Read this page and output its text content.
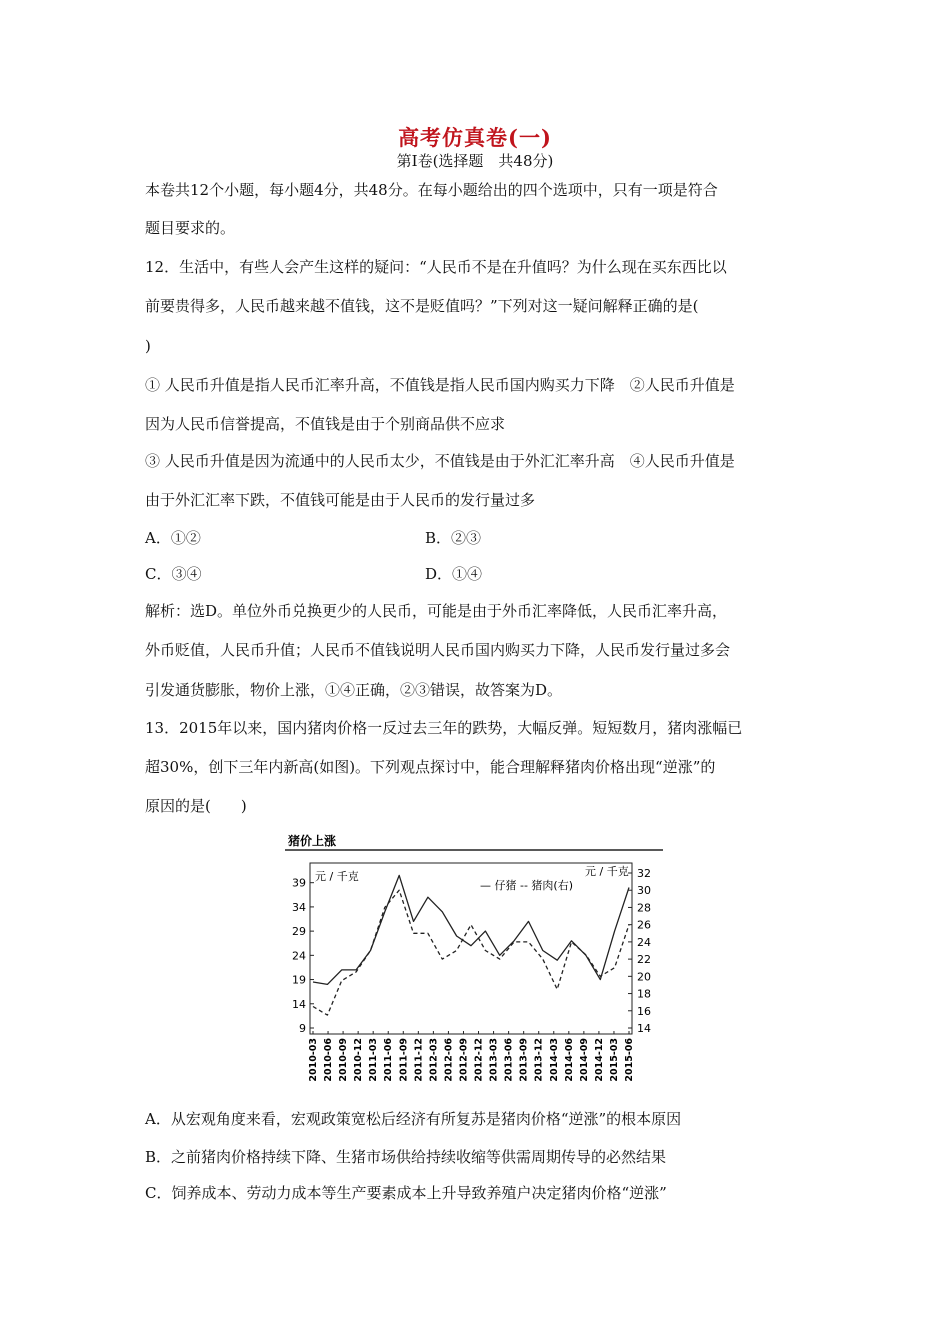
高考仿真卷(一)
第Ⅰ卷(选择题　共48分)
本卷共12个小题，每小题4分，共48分。在每小题给出的四个选项中，只有一项是符合
题目要求的。
12．生活中，有些人会产生这样的疑问：“人民币不是在升值吗？为什么现在买东西比以
前要贵得多，人民币越来越不值钱，这不是贬值吗？”下列对这一疑问解释正确的是(
)
① 人民币升值是指人民币汇率升高，不值钱是指人民币国内购买力下降　②人民币升值是
因为人民币信誉提高，不值钱是由于个别商品供不应求
③ 人民币升值是因为流通中的人民币太少，不值钱是由于外汇汇率升高　④人民币升值是
由于外汇汇率下跌，不值钱可能是由于人民币的发行量过多
A．①②	B．②③
C．③④	D．①④
解析：选D。单位外币兑换更少的人民币，可能是由于外币汇率降低，人民币汇率升高，
外币贬值，人民币升值；人民币不值钱说明人民币国内购买力下降，人民币发行量过多会
引发通货膨胀，物价上涨，①④正确，②③错误，故答案为D。
13．2015年以来，国内猪肉价格一反过去三年的跌势，大幅反弹。短短数月，猪肉涨幅已
超30%，创下三年内新高(如图)。下列观点探讨中，能合理解释猪肉价格出现“逆涨”的
原因的是(　　)
猪价上涨
元 / 千克	元 / 千克
— 仔猪 -- 猪肉(右)
39
34
29
24
19
14
9
32
30
28
26
24
22
20
18
16
14
2010-03 2010-06 2010-09 2010-12 2011-03 2011-06 2011-09 2011-12 2012-03 2012-06 2012-09 2012-12 2013-03 2013-06 2013-09 2013-12 2014-03 2014-06 2014-09 2014-12 2015-03 2015-06
A．从宏观角度来看，宏观政策宽松后经济有所复苏是猪肉价格“逆涨”的根本原因
B．之前猪肉价格持续下降、生猪市场供给持续收缩等供需周期传导的必然结果
C．饲养成本、劳动力成本等生产要素成本上升导致养殖户决定猪肉价格“逆涨”
